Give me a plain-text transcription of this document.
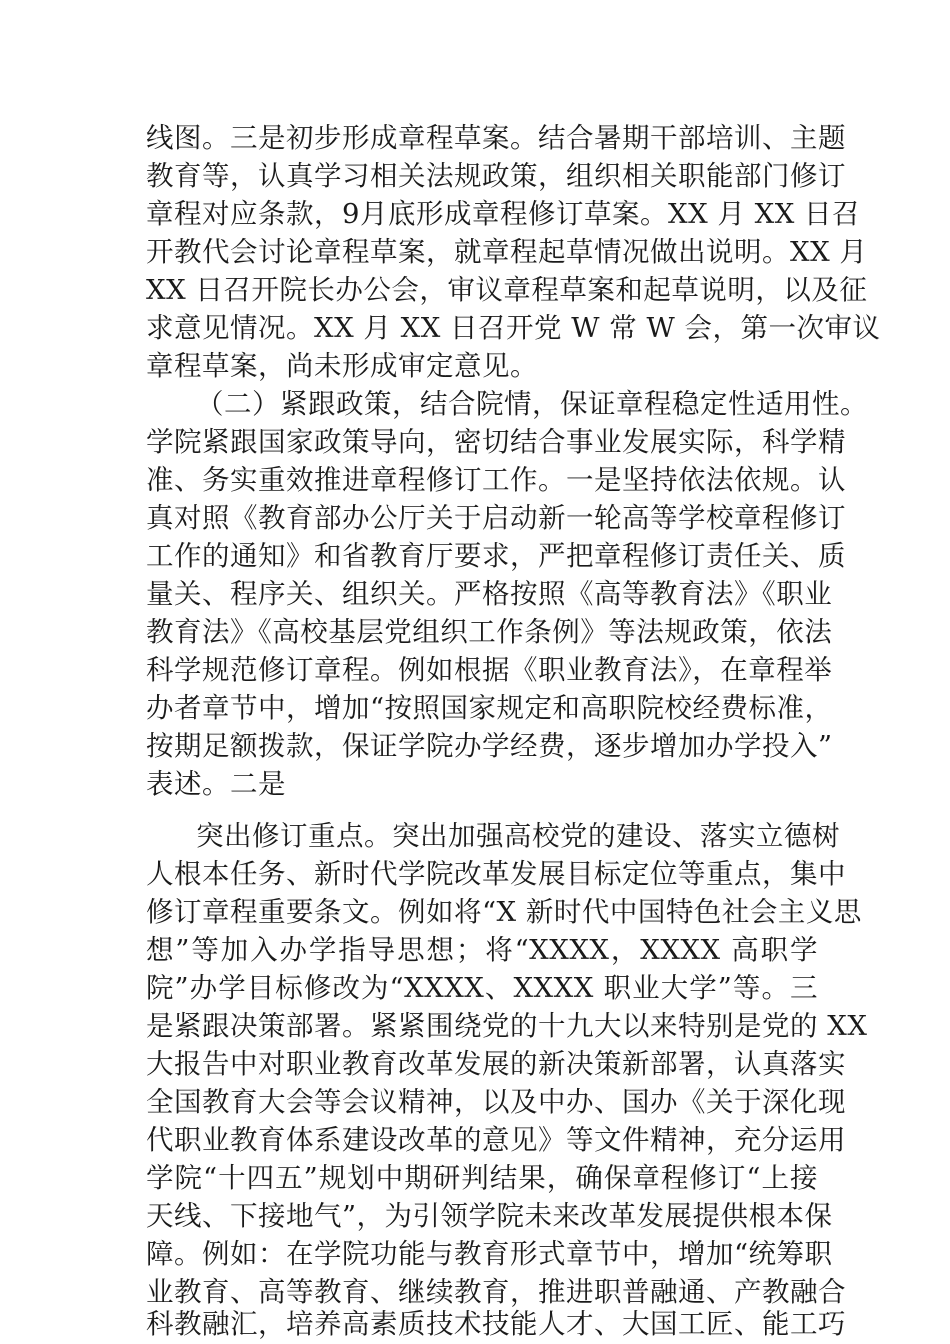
线图。三是初步形成章程草案。结合暑期干部培训、主题
教育等，认真学习相关法规政策，组织相关职能部门修订
章程对应条款，9月底形成章程修订草案。XX 月 XX 日召
开教代会讨论章程草案，就章程起草情况做出说明。XX 月
XX 日召开院长办公会，审议章程草案和起草说明，以及征
求意见情况。XX 月 XX 日召开党 W 常 W 会，第一次审议
章程草案，尚未形成审定意见。
（二）紧跟政策，结合院情，保证章程稳定性适用性。
学院紧跟国家政策导向，密切结合事业发展实际，科学精
准、务实重效推进章程修订工作。一是坚持依法依规。认
真对照《教育部办公厅关于启动新一轮高等学校章程修订
工作的通知》和省教育厅要求，严把章程修订责任关、质
量关、程序关、组织关。严格按照《高等教育法》《职业
教育法》《高校基层党组织工作条例》等法规政策，依法
科学规范修订章程。例如根据《职业教育法》，在章程举
办者章节中，增加“按照国家规定和高职院校经费标准，
按期足额拨款，保证学院办学经费，逐步增加办学投入”
表述。二是
突出修订重点。突出加强高校党的建设、落实立德树
人根本任务、新时代学院改革发展目标定位等重点，集中
修订章程重要条文。例如将“X 新时代中国特色社会主义思
想”等加入办学指导思想；将“XXXX，XXXX 高职学
院”办学目标修改为“XXXX、XXXX 职业大学”等。三
是紧跟决策部署。紧紧围绕党的十九大以来特别是党的 XX
大报告中对职业教育改革发展的新决策新部署，认真落实
全国教育大会等会议精神，以及中办、国办《关于深化现
代职业教育体系建设改革的意见》等文件精神，充分运用
学院“十四五”规划中期研判结果，确保章程修订“上接
天线、下接地气”，为引领学院未来改革发展提供根本保
障。例如：在学院功能与教育形式章节中，增加“统筹职
业教育、高等教育、继续教育，推进职普融通、产教融合
科教融汇，培养高素质技术技能人才、大国工匠、能工巧
